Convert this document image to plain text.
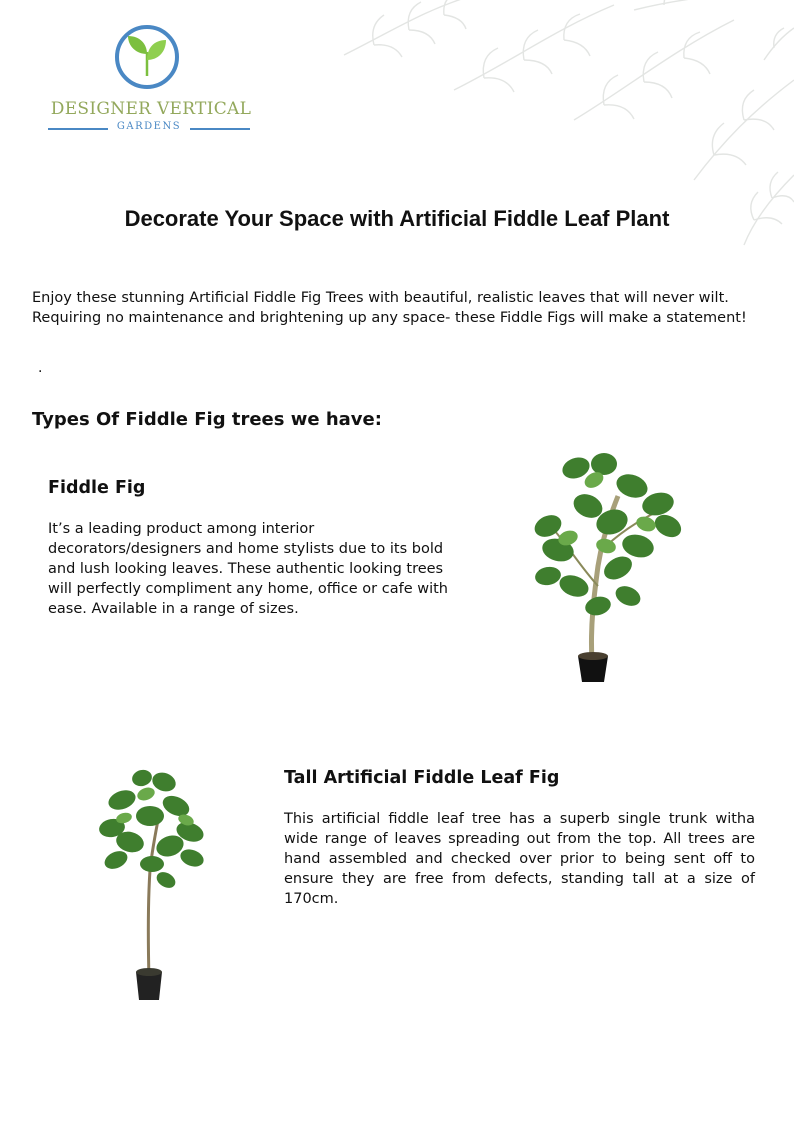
DESIGNER VERTICAL
GARDENS
Decorate Your Space with Artificial Fiddle Leaf Plant

Enjoy these stunning Artificial Fiddle Fig Trees with beautiful, realistic leaves that will never wilt. Requiring no maintenance and brightening up any space- these Fiddle Figs will make a statement!

.
Types Of Fiddle Fig trees we have:
Fiddle Fig

It’s a leading product among interior decorators/designers and home stylists due to its bold and lush looking leaves. These authentic looking trees will perfectly compliment any home, office or cafe with ease. Available in a range of sizes.

Tall Artificial Fiddle Leaf Fig

This artificial fiddle leaf tree has a superb single trunk witha wide range of leaves spreading out from the top. All trees are hand assembled and checked over prior to being sent off to ensure they are free from defects, standing tall at a size of 170cm.
